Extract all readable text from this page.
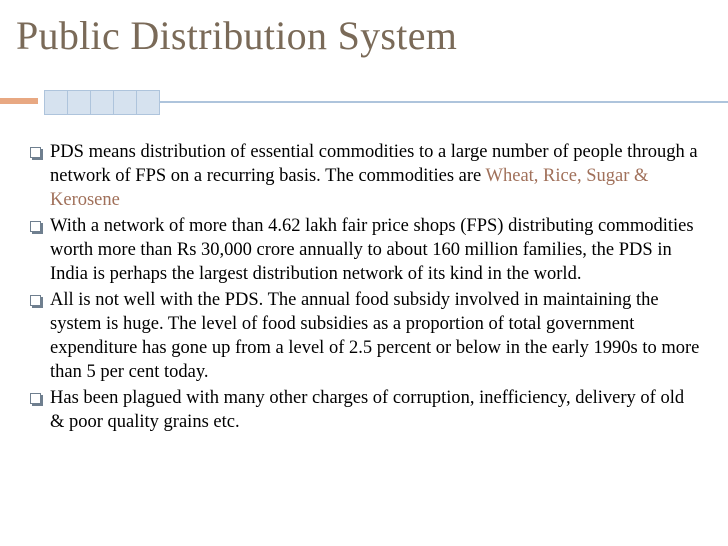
Public Distribution System
PDS means distribution of essential commodities to a large number of people through a network of FPS on a recurring basis. The commodities are Wheat, Rice, Sugar & Kerosene
With a network of more than 4.62 lakh fair price shops (FPS) distributing commodities worth more than Rs 30,000 crore annually to about 160 million families, the PDS in India is perhaps the largest distribution network of its kind in the world.
All is not well with the PDS. The annual food subsidy involved in maintaining the system is huge. The level of food subsidies as a proportion of total government expenditure has gone up from a level of 2.5 percent or below in the early 1990s to more than 5 per cent today.
Has been plagued with many other charges of corruption, inefficiency, delivery of old & poor quality grains etc.
